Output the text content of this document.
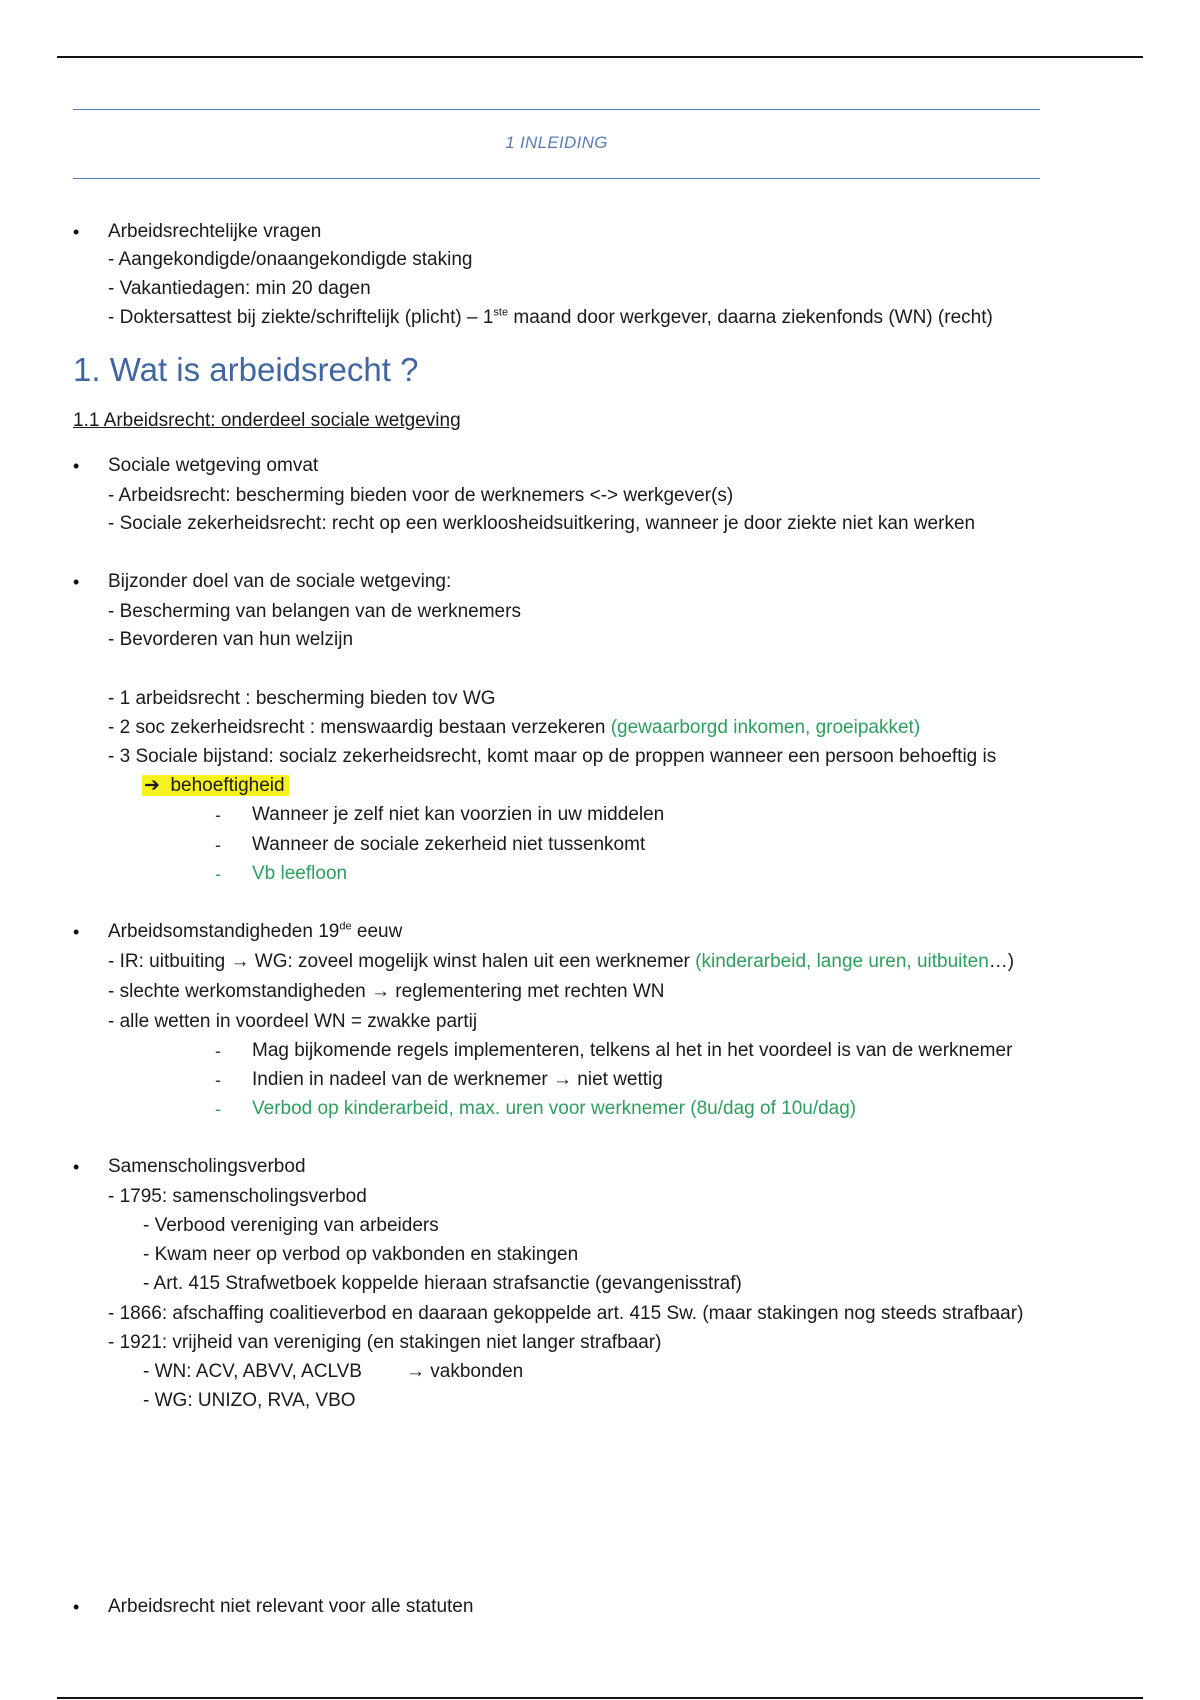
1 INLEIDING
• Arbeidsrechtelijke vragen
- Aangekondigde/onaangekondigde staking
- Vakantiedagen: min 20 dagen
- Doktersattest bij ziekte/schriftelijk (plicht) – 1ste maand door werkgever, daarna ziekenfonds (WN) (recht)
1. Wat is arbeidsrecht ?
1.1 Arbeidsrecht: onderdeel sociale wetgeving
• Sociale wetgeving omvat
- Arbeidsrecht: bescherming bieden voor de werknemers <-> werkgever(s)
- Sociale zekerheidsrecht: recht op een werkloosheidsuitkering, wanneer je door ziekte niet kan werken
• Bijzonder doel van de sociale wetgeving:
- Bescherming van belangen van de werknemers
- Bevorderen van hun welzijn
- 1 arbeidsrecht : bescherming bieden tov WG
- 2 soc zekerheidsrecht : menswaardig bestaan verzekeren (gewaarborgd inkomen, groeipakket)
- 3 Sociale bijstand: socialz zekerheidsrecht, komt maar op de proppen wanneer een persoon behoeftig is
➔ behoeftigheid
- Wanneer je zelf niet kan voorzien in uw middelen
- Wanneer de sociale zekerheid niet tussenkomt
- Vb leefloon
• Arbeidsomstandigheden 19de eeuw
- IR: uitbuiting → WG: zoveel mogelijk winst halen uit een werknemer (kinderarbeid, lange uren, uitbuiten…)
- slechte werkomstandigheden → reglementering met rechten WN
- alle wetten in voordeel WN = zwakke partij
- Mag bijkomende regels implementeren, telkens al het in het voordeel is van de werknemer
- Indien in nadeel van de werknemer → niet wettig
- Verbod op kinderarbeid, max. uren voor werknemer (8u/dag of 10u/dag)
• Samenscholingsverbod
- 1795: samenscholingsverbod
- Verbood vereniging van arbeiders
- Kwam neer op verbod op vakbonden en stakingen
- Art. 415 Strafwetboek koppelde hieraan strafsanctie (gevangenisstraf)
- 1866: afschaffing coalitieverbod en daaraan gekoppelde art. 415 Sw. (maar stakingen nog steeds strafbaar)
- 1921: vrijheid van vereniging (en stakingen niet langer strafbaar)
- WN: ACV, ABVV, ACLVB → vakbonden
- WG: UNIZO, RVA, VBO
• Arbeidsrecht niet relevant voor alle statuten
